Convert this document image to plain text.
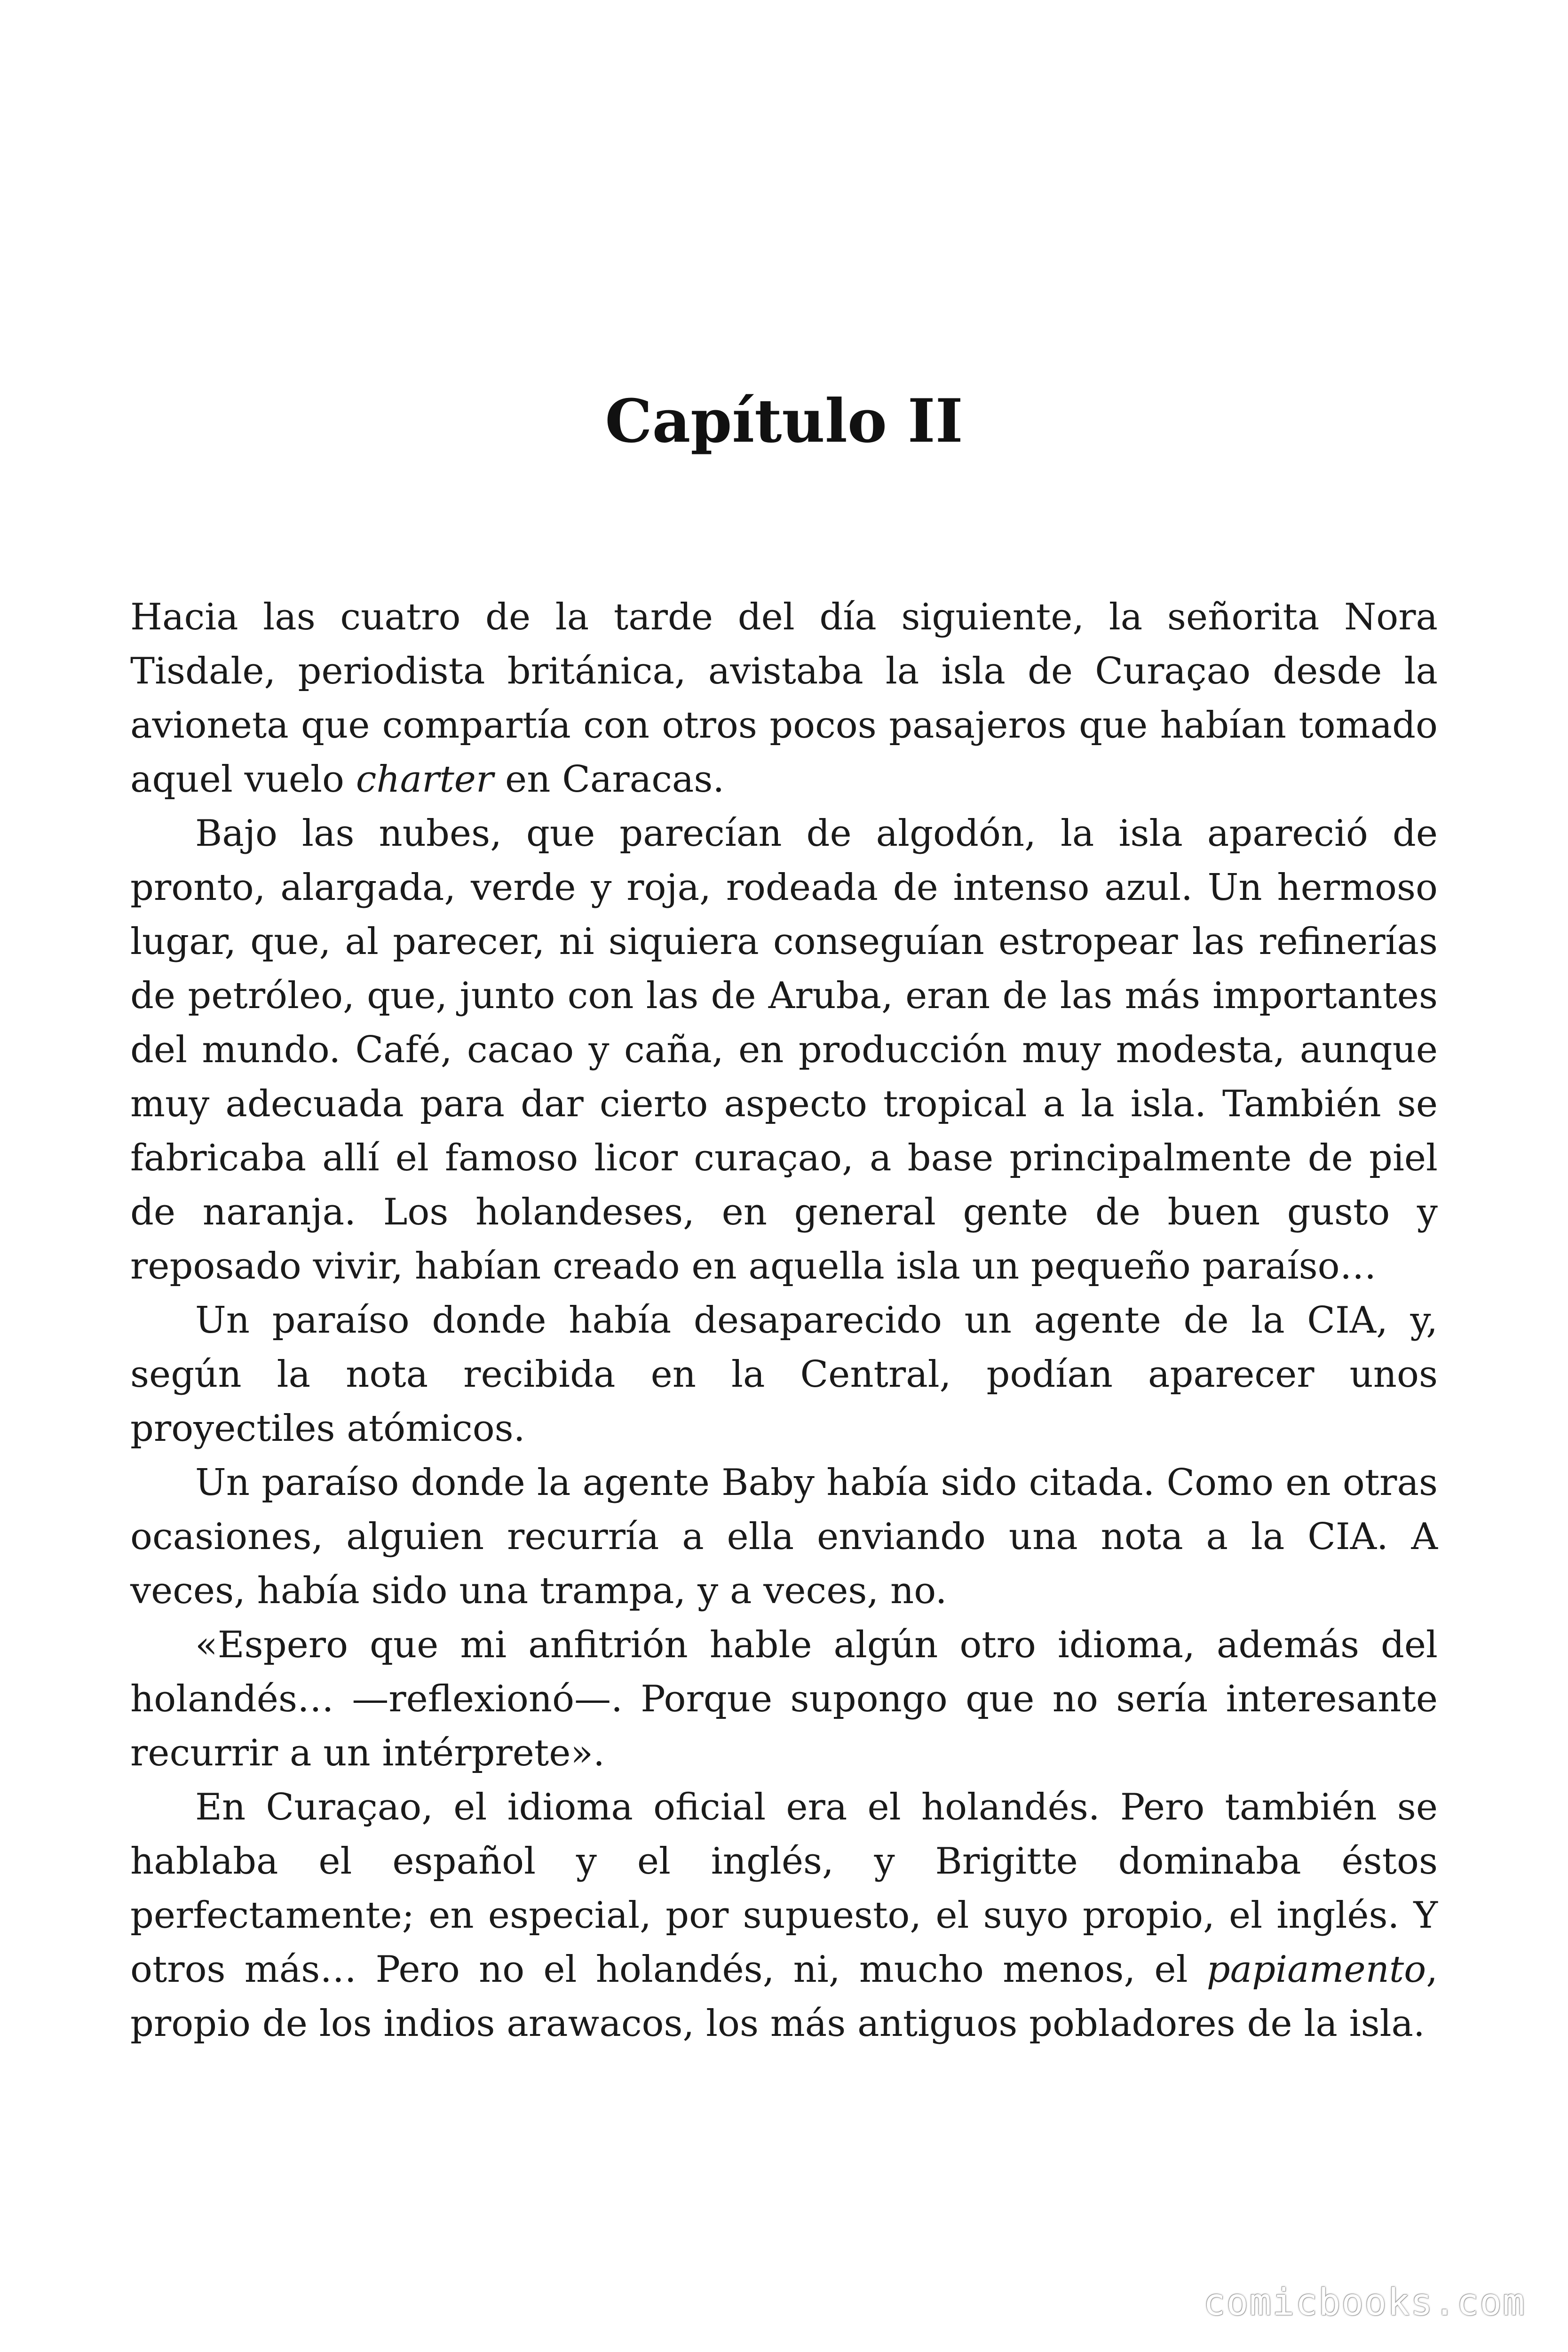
Capítulo II

Hacia las cuatro de la tarde del día siguiente, la señorita Nora Tisdale, periodista británica, avistaba la isla de Curaçao desde la avioneta que compartía con otros pocos pasajeros que habían tomado aquel vuelo charter en Caracas.

Bajo las nubes, que parecían de algodón, la isla apareció de pronto, alargada, verde y roja, rodeada de intenso azul. Un hermoso lugar, que, al parecer, ni siquiera conseguían estropear las refinerías de petróleo, que, junto con las de Aruba, eran de las más importantes del mundo. Café, cacao y caña, en producción muy modesta, aunque muy adecuada para dar cierto aspecto tropical a la isla. También se fabricaba allí el famoso licor curaçao, a base principalmente de piel de naranja. Los holandeses, en general gente de buen gusto y reposado vivir, habían creado en aquella isla un pequeño paraíso…

Un paraíso donde había desaparecido un agente de la CIA, y, según la nota recibida en la Central, podían aparecer unos proyectiles atómicos.

Un paraíso donde la agente Baby había sido citada. Como en otras ocasiones, alguien recurría a ella enviando una nota a la CIA. A veces, había sido una trampa, y a veces, no.

«Espero que mi anfitrión hable algún otro idioma, además del holandés… —reflexionó—. Porque supongo que no sería interesante recurrir a un intérprete».

En Curaçao, el idioma oficial era el holandés. Pero también se hablaba el español y el inglés, y Brigitte dominaba éstos perfectamente; en especial, por supuesto, el suyo propio, el inglés. Y otros más… Pero no el holandés, ni, mucho menos, el papiamento, propio de los indios arawacos, los más antiguos pobladores de la isla.

comicbooks.com
